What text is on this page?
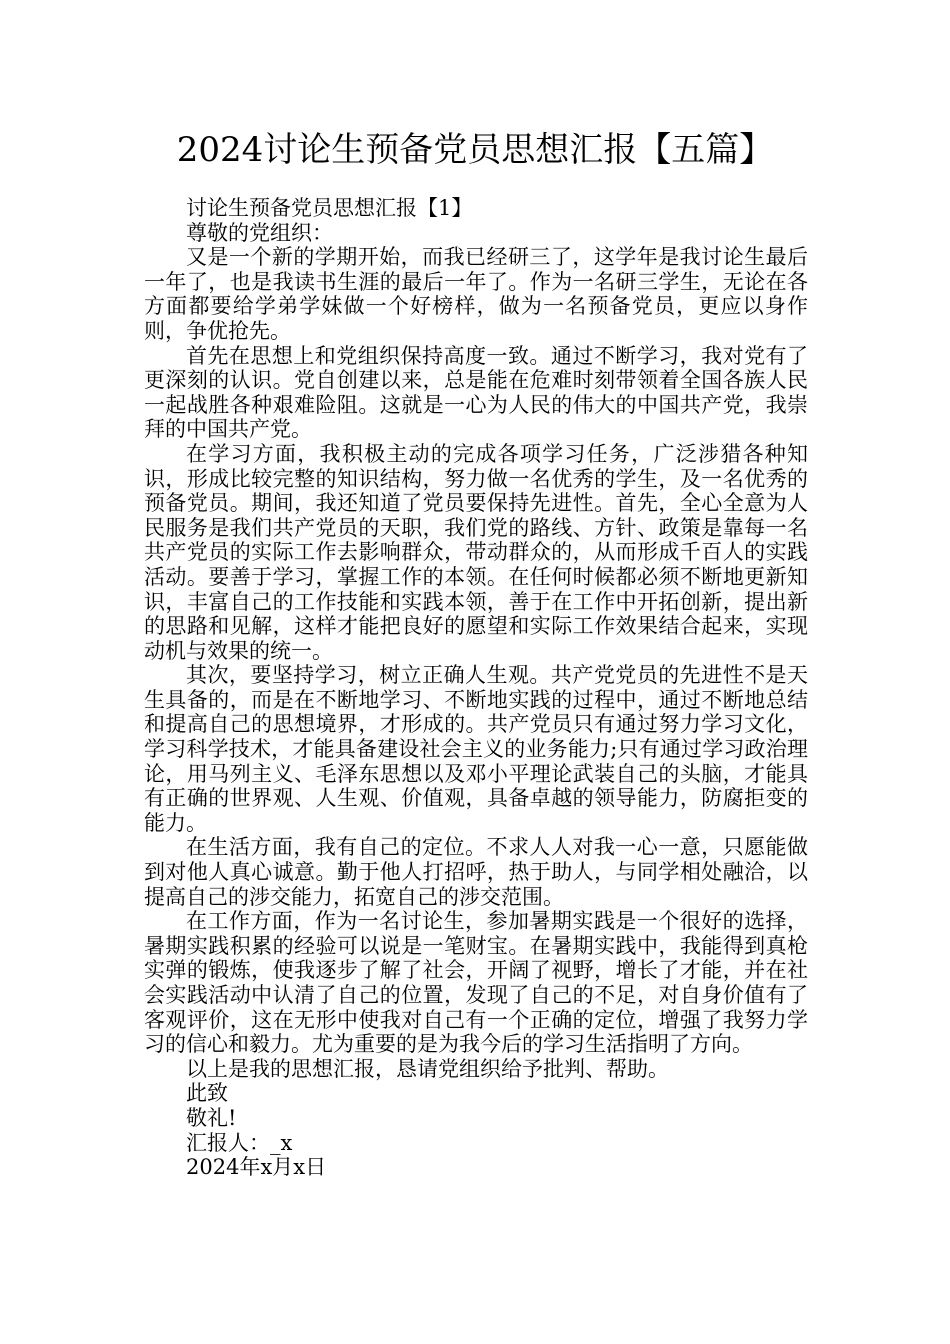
2024讨论生预备党员思想汇报【五篇】

讨论生预备党员思想汇报【1】

尊敬的党组织：

又是一个新的学期开始，而我已经研三了，这学年是我讨论生最后一年了，也是我读书生涯的最后一年了。作为一名研三学生，无论在各方面都要给学弟学妹做一个好榜样，做为一名预备党员，更应以身作则，争优抢先。

首先在思想上和党组织保持高度一致。通过不断学习，我对党有了更深刻的认识。党自创建以来，总是能在危难时刻带领着全国各族人民一起战胜各种艰难险阻。这就是一心为人民的伟大的中国共产党，我崇拜的中国共产党。

在学习方面，我积极主动的完成各项学习任务，广泛涉猎各种知识，形成比较完整的知识结构，努力做一名优秀的学生，及一名优秀的预备党员。期间，我还知道了党员要保持先进性。首先，全心全意为人民服务是我们共产党员的天职，我们党的路线、方针、政策是靠每一名共产党员的实际工作去影响群众，带动群众的，从而形成千百人的实践活动。要善于学习，掌握工作的本领。在任何时候都必须不断地更新知识，丰富自己的工作技能和实践本领，善于在工作中开拓创新，提出新的思路和见解，这样才能把良好的愿望和实际工作效果结合起来，实现动机与效果的统一。

其次，要坚持学习，树立正确人生观。共产党党员的先进性不是天生具备的，而是在不断地学习、不断地实践的过程中，通过不断地总结和提高自己的思想境界，才形成的。共产党员只有通过努力学习文化，学习科学技术，才能具备建设社会主义的业务能力;只有通过学习政治理论，用马列主义、毛泽东思想以及邓小平理论武装自己的头脑，才能具有正确的世界观、人生观、价值观，具备卓越的领导能力，防腐拒变的能力。

在生活方面，我有自己的定位。不求人人对我一心一意，只愿能做到对他人真心诚意。勤于他人打招呼，热于助人，与同学相处融洽，以提高自己的涉交能力，拓宽自己的涉交范围。

在工作方面，作为一名讨论生，参加暑期实践是一个很好的选择，暑期实践积累的经验可以说是一笔财宝。在暑期实践中，我能得到真枪实弹的锻炼，使我逐步了解了社会，开阔了视野，增长了才能，并在社会实践活动中认清了自己的位置，发现了自己的不足，对自身价值有了客观评价，这在无形中使我对自己有一个正确的定位，增强了我努力学习的信心和毅力。尤为重要的是为我今后的学习生活指明了方向。

以上是我的思想汇报，恳请党组织给予批判、帮助。

此致

敬礼!

汇报人：_x

2024年x月x日
